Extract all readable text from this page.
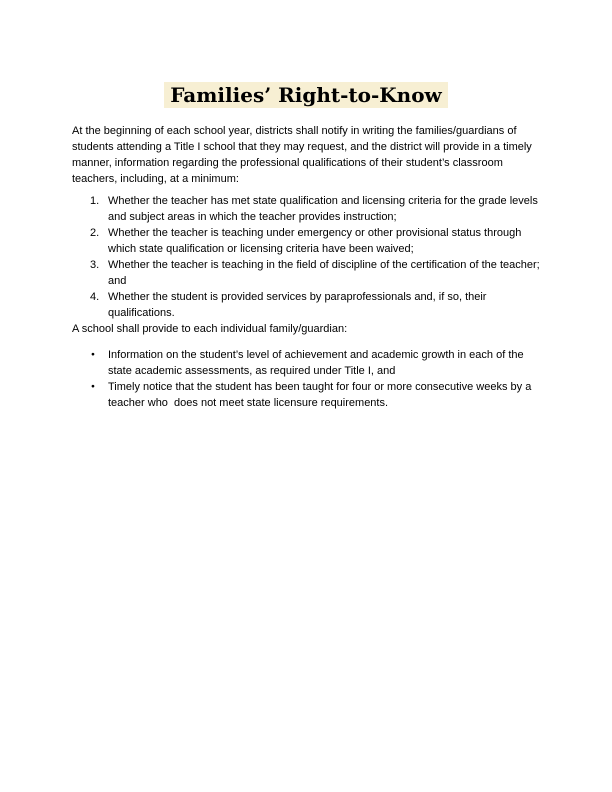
Families’ Right-to-Know

At the beginning of each school year, districts shall notify in writing the families/guardians of students attending a Title I school that they may request, and the district will provide in a timely manner, information regarding the professional qualifications of their student’s classroom teachers, including, at a minimum:

1. Whether the teacher has met state qualification and licensing criteria for the grade levels and subject areas in which the teacher provides instruction;
2. Whether the teacher is teaching under emergency or other provisional status through which state qualification or licensing criteria have been waived;
3. Whether the teacher is teaching in the field of discipline of the certification of the teacher; and
4. Whether the student is provided services by paraprofessionals and, if so, their qualifications.

A school shall provide to each individual family/guardian:

●	Information on the student’s level of achievement and academic growth in each of the state academic assessments, as required under Title I, and
●	Timely notice that the student has been taught for four or more consecutive weeks by a teacher who  does not meet state licensure requirements.
